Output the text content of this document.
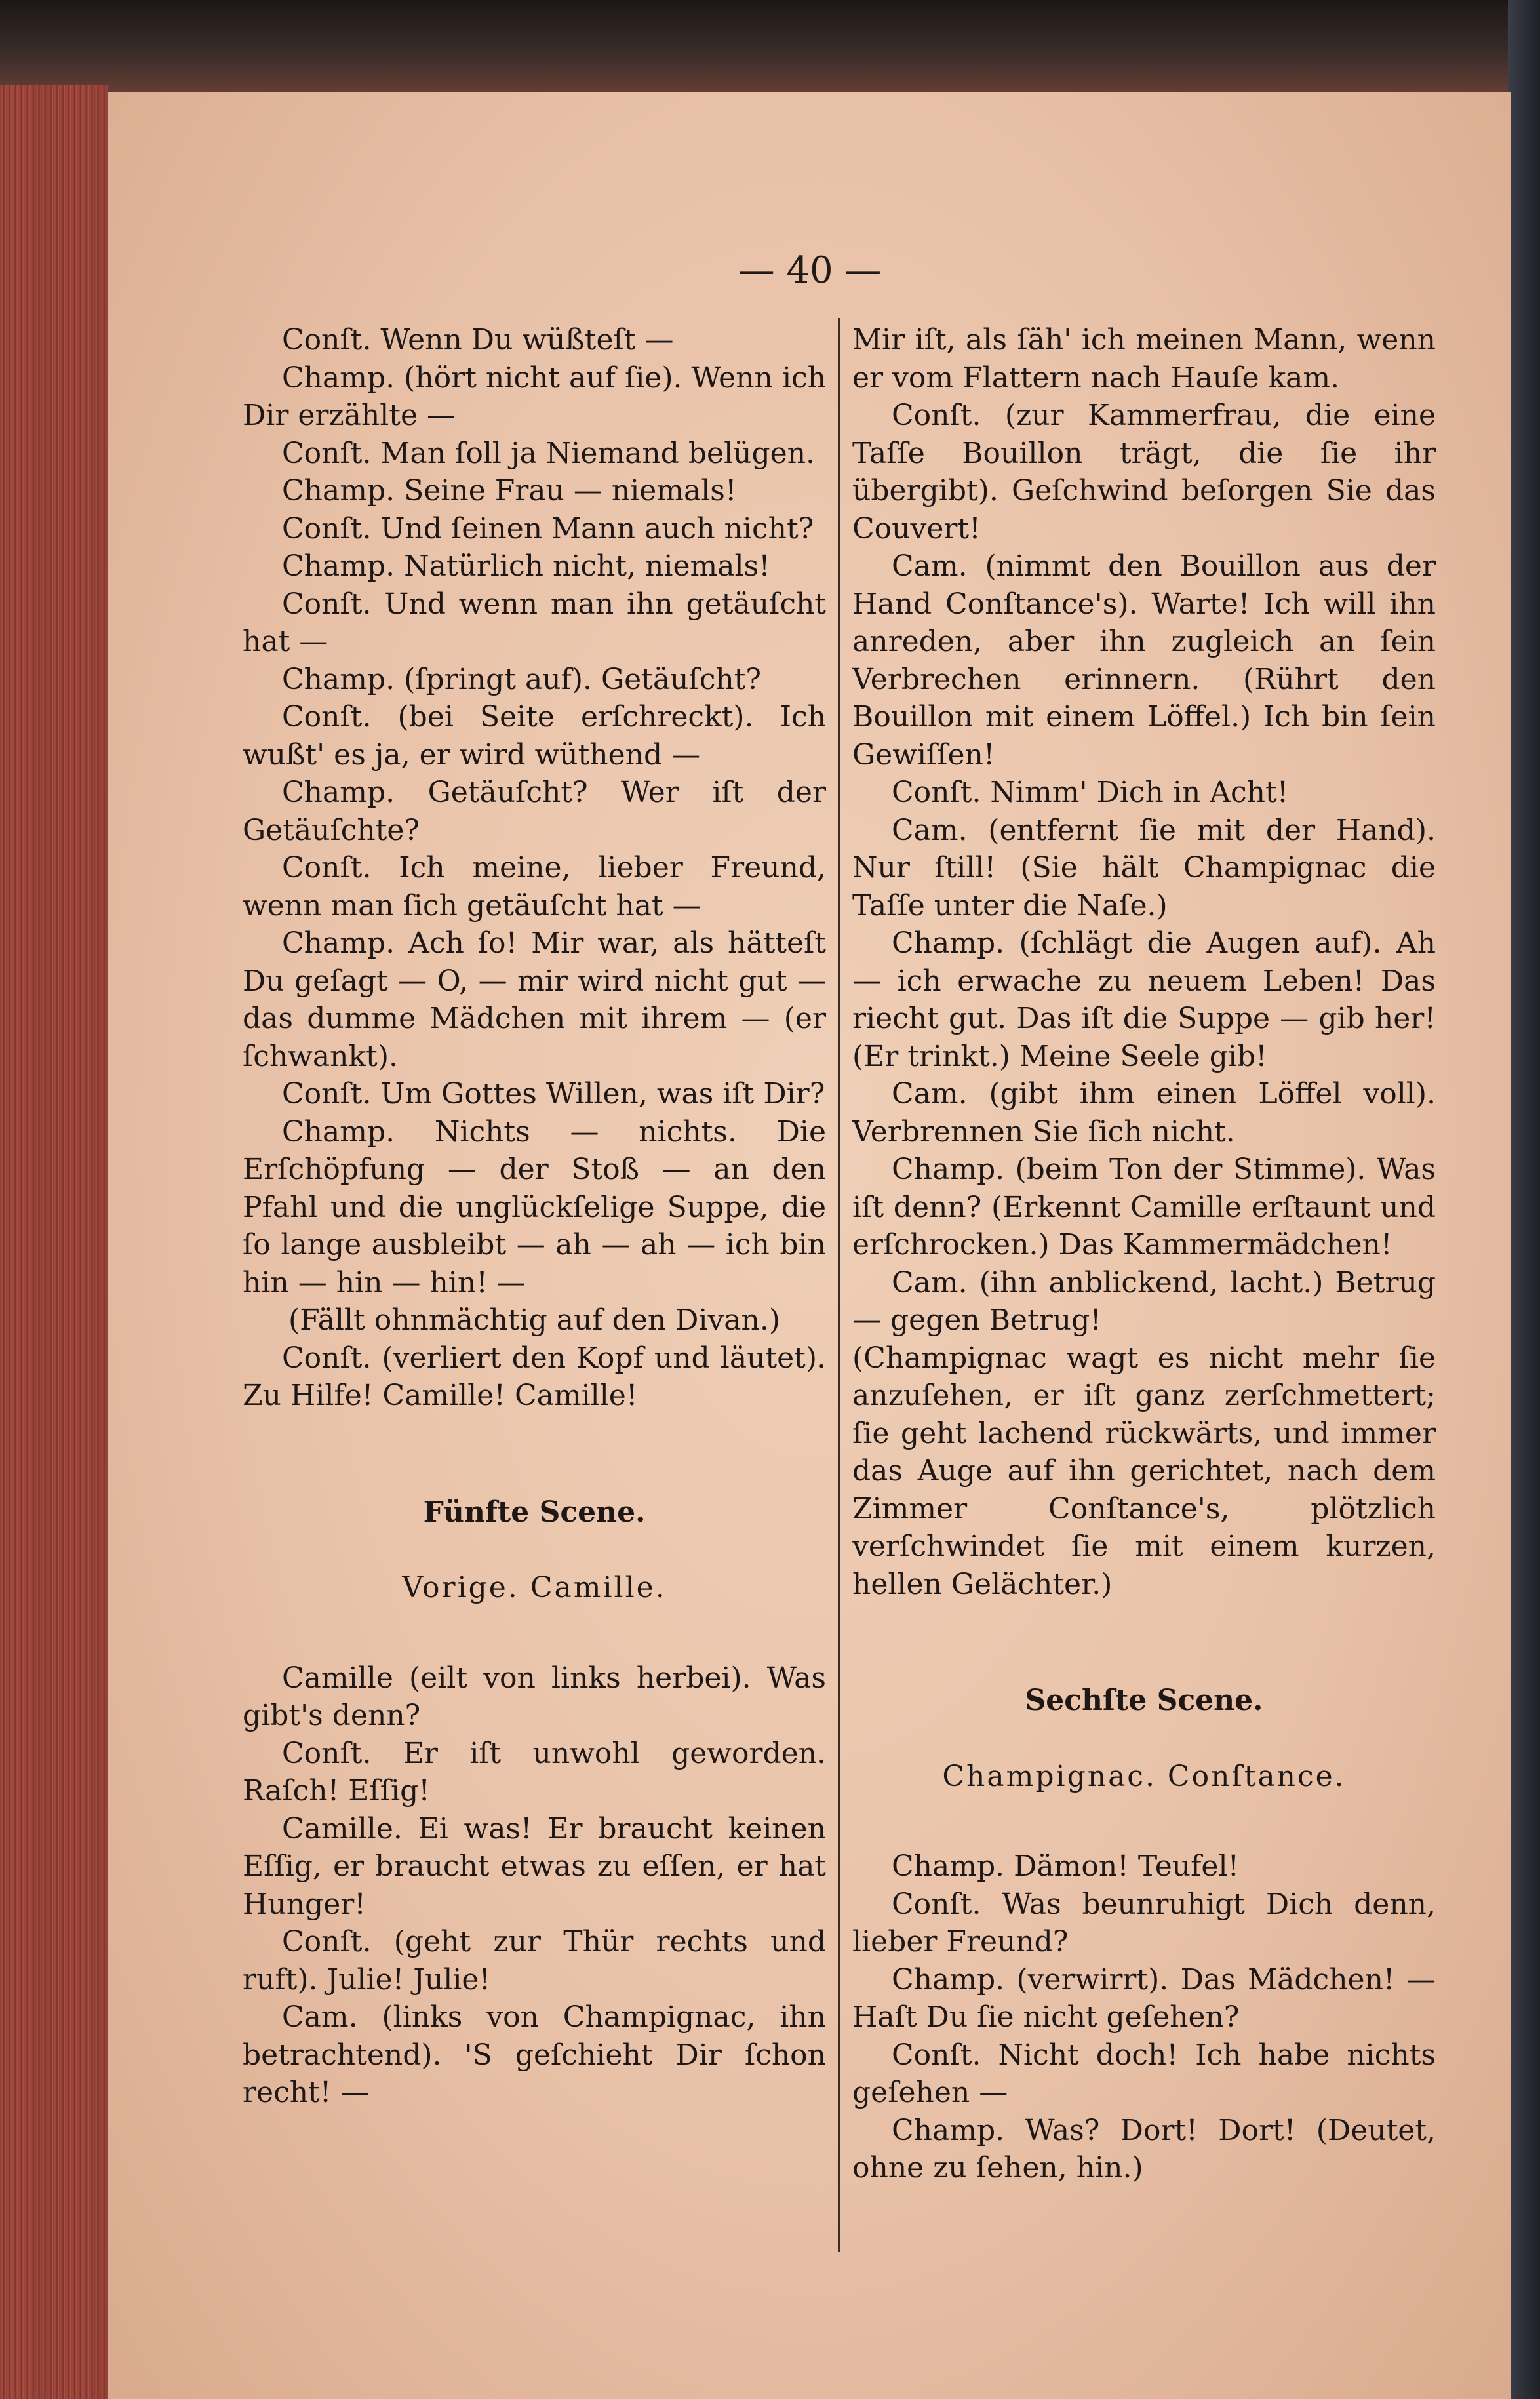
— 40 —

Conſt. Wenn Du wüßteſt —

Champ. (hört nicht auf ſie). Wenn ich Dir erzählte —

Conſt. Man ſoll ja Niemand belügen.

Champ. Seine Frau — niemals!

Conſt. Und ſeinen Mann auch nicht?

Champ. Natürlich nicht, niemals!

Conſt. Und wenn man ihn getäuſcht hat —

Champ. (ſpringt auf). Getäuſcht?

Conſt. (bei Seite erſchreckt). Ich wußt' es ja, er wird wüthend —

Champ. Getäuſcht? Wer iſt der Getäuſchte?

Conſt. Ich meine, lieber Freund, wenn man ſich getäuſcht hat —

Champ. Ach ſo! Mir war, als hätteſt Du geſagt — O, — mir wird nicht gut — das dumme Mädchen mit ihrem — (er ſchwankt).

Conſt. Um Gottes Willen, was iſt Dir?

Champ. Nichts — nichts. Die Erſchöpfung — der Stoß — an den Pfahl und die unglückſelige Suppe, die ſo lange ausbleibt — ah — ah — ich bin hin — hin — hin! —

(Fällt ohnmächtig auf den Divan.)

Conſt. (verliert den Kopf und läutet). Zu Hilfe! Camille! Camille!

Fünfte Scene.

Vorige. Camille.

Camille (eilt von links herbei). Was gibt's denn?

Conſt. Er iſt unwohl geworden. Raſch! Eſſig!

Camille. Ei was! Er braucht keinen Eſſig, er braucht etwas zu eſſen, er hat Hunger!

Conſt. (geht zur Thür rechts und ruft). Julie! Julie!

Cam. (links von Champignac, ihn betrachtend). 'S geſchieht Dir ſchon recht! —

Mir iſt, als ſäh' ich meinen Mann, wenn er vom Flattern nach Hauſe kam.

Conſt. (zur Kammerfrau, die eine Taſſe Bouillon trägt, die ſie ihr übergibt). Geſchwind beſorgen Sie das Couvert!

Cam. (nimmt den Bouillon aus der Hand Conſtance's). Warte! Ich will ihn anreden, aber ihn zugleich an ſein Verbrechen erinnern. (Rührt den Bouillon mit einem Löffel.) Ich bin ſein Gewiſſen!

Conſt. Nimm' Dich in Acht!

Cam. (entfernt ſie mit der Hand). Nur ſtill! (Sie hält Champignac die Taſſe unter die Naſe.)

Champ. (ſchlägt die Augen auf). Ah — ich erwache zu neuem Leben! Das riecht gut. Das iſt die Suppe — gib her! (Er trinkt.) Meine Seele gib!

Cam. (gibt ihm einen Löffel voll). Verbrennen Sie ſich nicht.

Champ. (beim Ton der Stimme). Was iſt denn? (Erkennt Camille erſtaunt und erſchrocken.) Das Kammermädchen!

Cam. (ihn anblickend, lacht.) Betrug — gegen Betrug!

(Champignac wagt es nicht mehr ſie anzuſehen, er iſt ganz zerſchmettert; ſie geht lachend rückwärts, und immer das Auge auf ihn gerichtet, nach dem Zimmer Conſtance's, plötzlich verſchwindet ſie mit einem kurzen, hellen Gelächter.)

Sechſte Scene.

Champignac. Conſtance.

Champ. Dämon! Teufel!

Conſt. Was beunruhigt Dich denn, lieber Freund?

Champ. (verwirrt). Das Mädchen! — Haſt Du ſie nicht geſehen?

Conſt. Nicht doch! Ich habe nichts geſehen —

Champ. Was? Dort! Dort! (Deutet, ohne zu ſehen, hin.)
